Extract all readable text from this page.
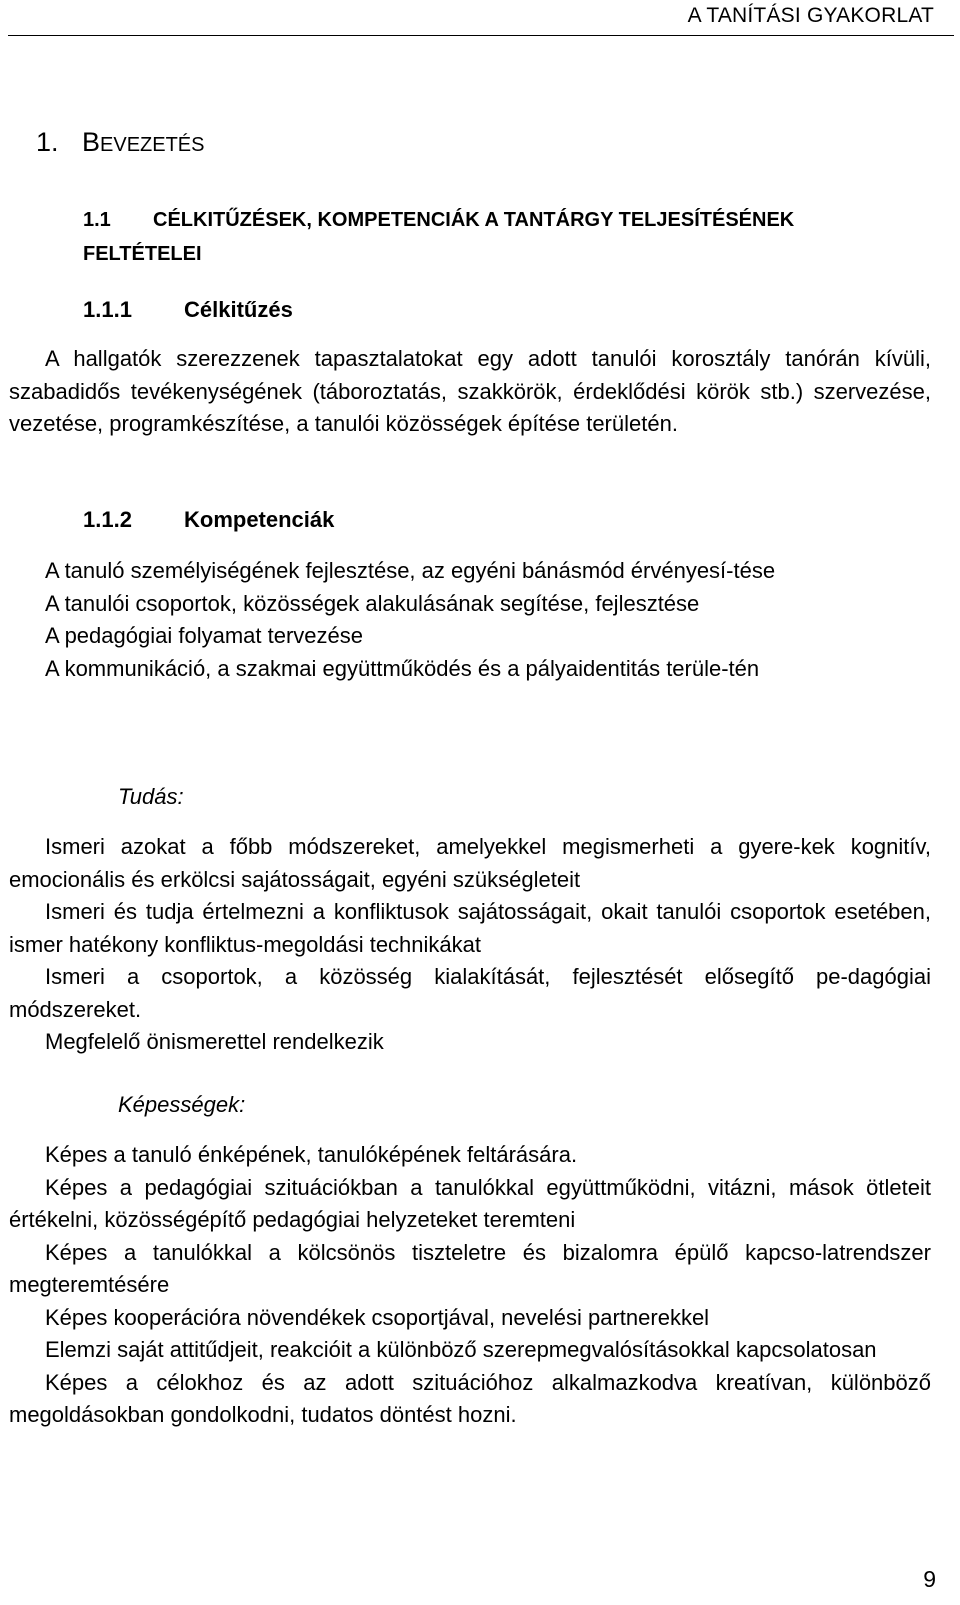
A TANÍTÁSI GYAKORLAT
1. BEVEZETÉS
1.1 CÉLKITŰZÉSEK, KOMPETENCIÁK A TANTÁRGY TELJESÍTÉSÉNEK FELTÉTELEI
1.1.1 Célkitűzés

A hallgatók szerezzenek tapasztalatokat egy adott tanulói korosztály tanórán kívüli, szabadidős tevékenységének (táboroztatás, szakkörök, érdeklődési körök stb.) szervezése, vezetése, programkészítése, a tanulói közösségek építése területén.

1.1.2 Kompetenciák

A tanuló személyiségének fejlesztése, az egyéni bánásmód érvényesí-tése

A tanulói csoportok, közösségek alakulásának segítése, fejlesztése

A pedagógiai folyamat tervezése

A kommunikáció, a szakmai együttműködés és a pályaidentitás terüle-tén

Tudás:

Ismeri azokat a főbb módszereket, amelyekkel megismerheti a gyere-kek kognitív, emocionális és erkölcsi sajátosságait, egyéni szükségleteit

Ismeri és tudja értelmezni a konfliktusok sajátosságait, okait tanulói csoportok esetében, ismer hatékony konfliktus-megoldási technikákat

Ismeri a csoportok, a közösség kialakítását, fejlesztését elősegítő pe-dagógiai módszereket.

Megfelelő önismerettel rendelkezik

Képességek:

Képes a tanuló énképének, tanulóképének feltárására.

Képes a pedagógiai szituációkban a tanulókkal együttműködni, vitázni, mások ötleteit értékelni, közösségépítő pedagógiai helyzeteket teremteni

Képes a tanulókkal a kölcsönös tiszteletre és bizalomra épülő kapcso-latrendszer megteremtésére

Képes kooperációra növendékek csoportjával, nevelési partnerekkel

Elemzi saját attitűdjeit, reakcióit a különböző szerepmegvalósításokkal kapcsolatosan

Képes a célokhoz és az adott szituációhoz alkalmazkodva kreatívan, különböző megoldásokban gondolkodni, tudatos döntést hozni.

9
